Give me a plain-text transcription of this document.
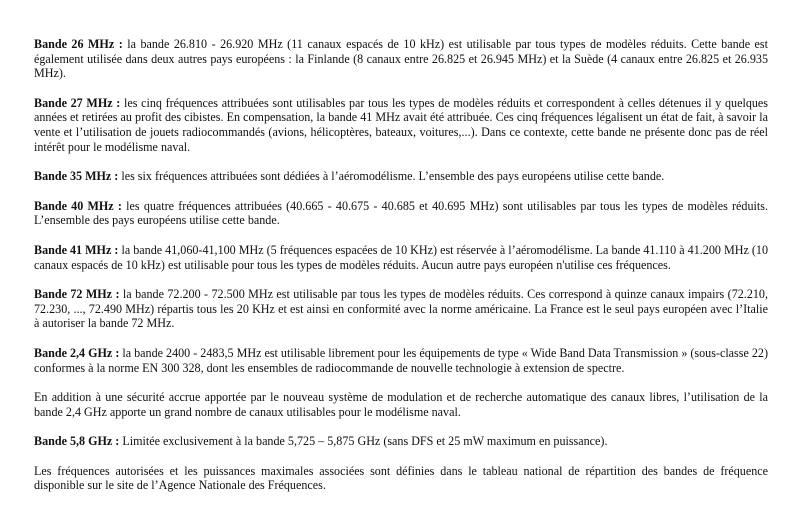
Bande 26 MHz : la bande 26.810 - 26.920 MHz (11 canaux espacés de 10 kHz) est utilisable par tous types de modèles réduits. Cette bande est également utilisée dans deux autres pays européens : la Finlande (8 canaux entre 26.825 et 26.945 MHz) et la Suède (4 canaux entre 26.825 et 26.935 MHz).

Bande 27 MHz : les cinq fréquences attribuées sont utilisables par tous les types de modèles réduits et correspondent à celles détenues il y quelques années et retirées au profit des cibistes. En compensation, la bande 41 MHz avait été attribuée. Ces cinq fréquences légalisent un état de fait, à savoir la vente et l’utilisation de jouets radiocommandés (avions, hélicoptères, bateaux, voitures,...). Dans ce contexte, cette bande ne présente donc pas de réel intérêt pour le modélisme naval.

Bande 35 MHz : les six fréquences attribuées sont dédiées à l’aéromodélisme. L’ensemble des pays européens utilise cette bande.

Bande 40 MHz : les quatre fréquences attribuées (40.665 - 40.675 - 40.685 et 40.695 MHz) sont utilisables par tous les types de modèles réduits. L’ensemble des pays européens utilise cette bande.

Bande 41 MHz : la bande 41,060-41,100 MHz (5 fréquences espacées de 10 KHz) est réservée à l’aéromodélisme. La bande 41.110 à 41.200 MHz (10 canaux espacés de 10 kHz) est utilisable pour tous les types de modèles réduits. Aucun autre pays européen n'utilise ces fréquences.

Bande 72 MHz : la bande 72.200 - 72.500 MHz est utilisable par tous les types de modèles réduits. Ces correspond à quinze canaux impairs (72.210, 72.230, ..., 72.490 MHz) répartis tous les 20 KHz et est ainsi en conformité avec la norme américaine. La France est le seul pays européen avec l’Italie à autoriser la bande 72 MHz.

Bande 2,4 GHz : la bande 2400 - 2483,5 MHz est utilisable librement pour les équipements de type « Wide Band Data Transmission » (sous-classe 22) conformes à la norme EN 300 328, dont les ensembles de radiocommande de nouvelle technologie à extension de spectre.

En addition à une sécurité accrue apportée par le nouveau système de modulation et de recherche automatique des canaux libres, l’utilisation de la bande 2,4 GHz apporte un grand nombre de canaux utilisables pour le modélisme naval.

Bande 5,8 GHz : Limitée exclusivement à la bande 5,725 – 5,875 GHz (sans DFS et 25 mW maximum en puissance).

Les fréquences autorisées et les puissances maximales associées sont définies dans le tableau national de répartition des bandes de fréquence disponible sur le site de l’Agence Nationale des Fréquences.
